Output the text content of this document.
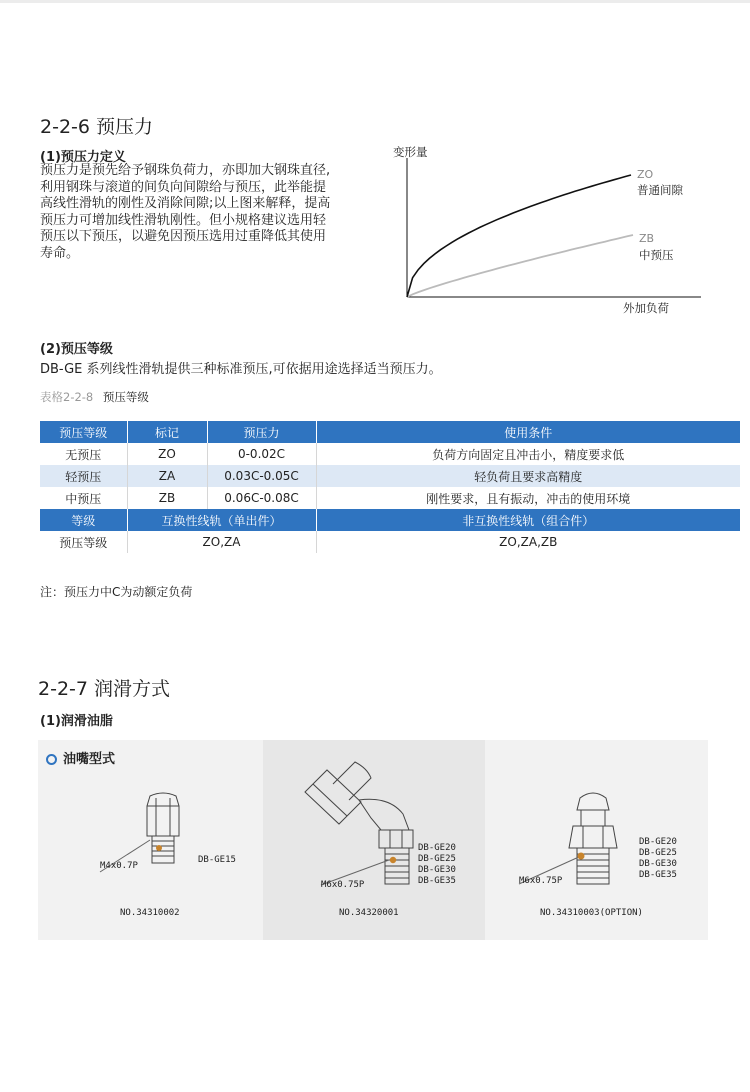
2-2-6 预压力
(1)预压力定义
预压力是预先给予钢珠负荷力，亦即加大钢珠直径,
利用钢珠与滚道的间负向间隙给与预压，此举能提
高线性滑轨的刚性及消除间隙;以上图来解释，提高
预压力可增加线性滑轨刚性。但小规格建议选用轻
预压以下预压，以避免因预压选用过重降低其使用
寿命。
变形量
外加负荷
ZO
普通间隙
ZB
中预压
(2)预压等级
DB-GE 系列线性滑轨提供三种标准预压,可依据用途选择适当预压力。
表格2-2-8 预压等级
预压等级	标记	预压力	使用条件
无预压	ZO	0-0.02C	负荷方向固定且冲击小，精度要求低
轻预压	ZA	0.03C-0.05C	轻负荷且要求高精度
中预压	ZB	0.06C-0.08C	刚性要求，且有振动，冲击的使用环境
等级	互换性线轨（单出件）		非互换性线轨（组合件）
预压等级	ZO,ZA		ZO,ZA,ZB
注：预压力中C为动额定负荷
2-2-7 润滑方式
(1)润滑油脂
油嘴型式
M4x0.7P
DB-GE15
NO.34310002
M6x0.75P
DB-GE20
DB-GE25
DB-GE30
DB-GE35
NO.34320001
M6x0.75P
DB-GE20
DB-GE25
DB-GE30
DB-GE35
NO.34310003(OPTION)
